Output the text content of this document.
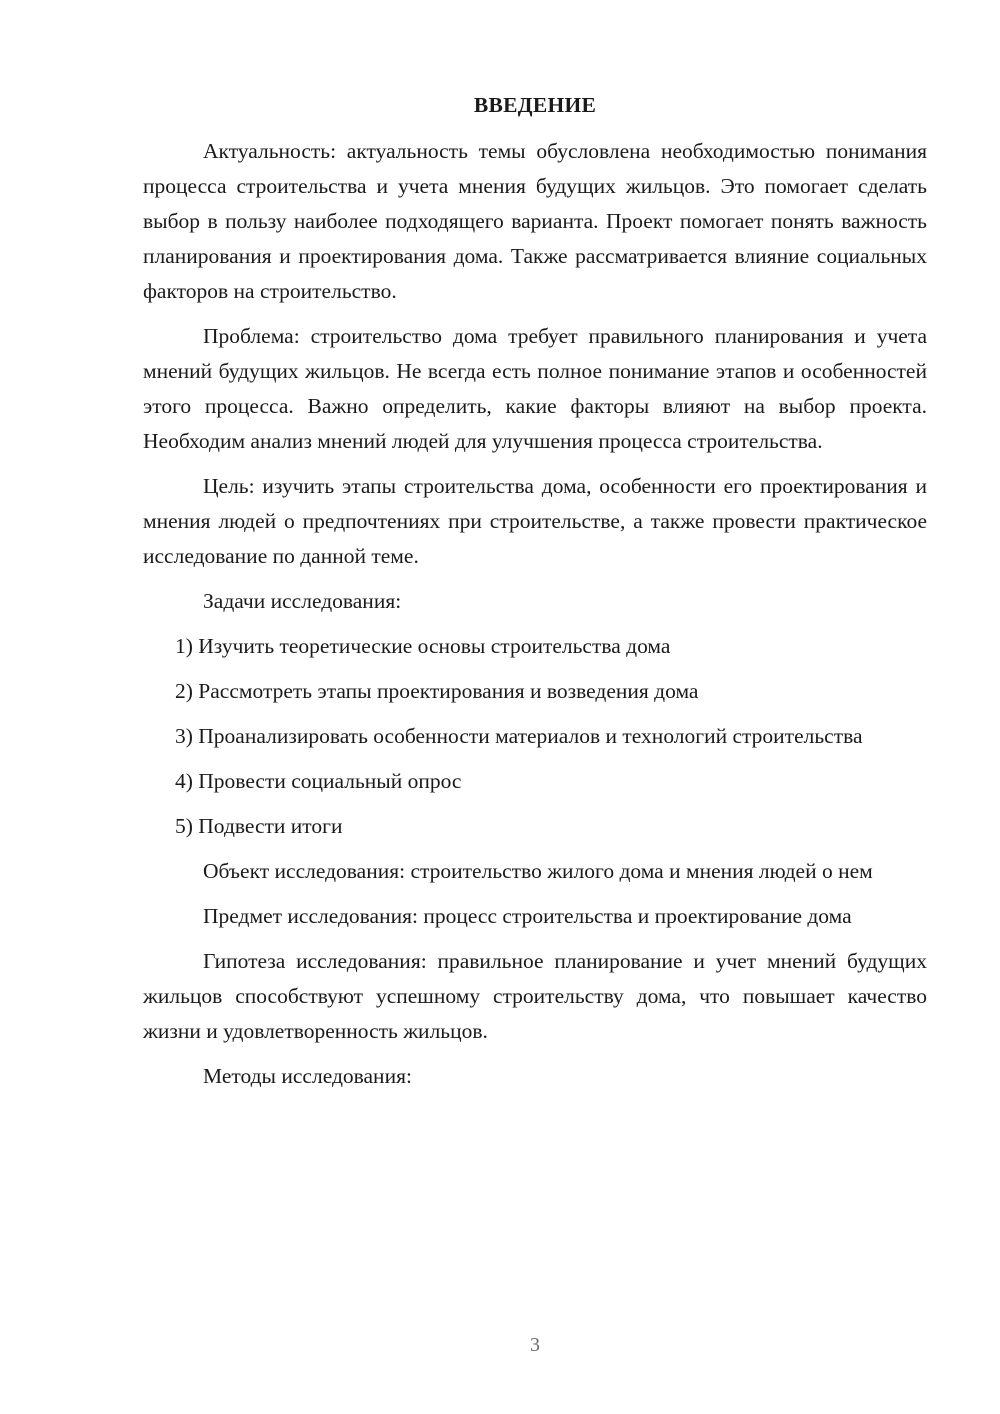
ВВЕДЕНИЕ

Актуальность: актуальность темы обусловлена необходимостью понимания процесса строительства и учета мнения будущих жильцов. Это помогает сделать выбор в пользу наиболее подходящего варианта. Проект помогает понять важность планирования и проектирования дома. Также рассматривается влияние социальных факторов на строительство.

Проблема: строительство дома требует правильного планирования и учета мнений будущих жильцов. Не всегда есть полное понимание этапов и особенностей этого процесса. Важно определить, какие факторы влияют на выбор проекта. Необходим анализ мнений людей для улучшения процесса строительства.

Цель: изучить этапы строительства дома, особенности его проектирования и мнения людей о предпочтениях при строительстве, а также провести практическое исследование по данной теме.

Задачи исследования:

1) Изучить теоретические основы строительства дома
2) Рассмотреть этапы проектирования и возведения дома
3) Проанализировать особенности материалов и технологий строительства
4) Провести социальный опрос
5) Подвести итоги

Объект исследования: строительство жилого дома и мнения людей о нем

Предмет исследования: процесс строительства и проектирование дома

Гипотеза исследования: правильное планирование и учет мнений будущих жильцов способствуют успешному строительству дома, что повышает качество жизни и удовлетворенность жильцов.

Методы исследования:

3
